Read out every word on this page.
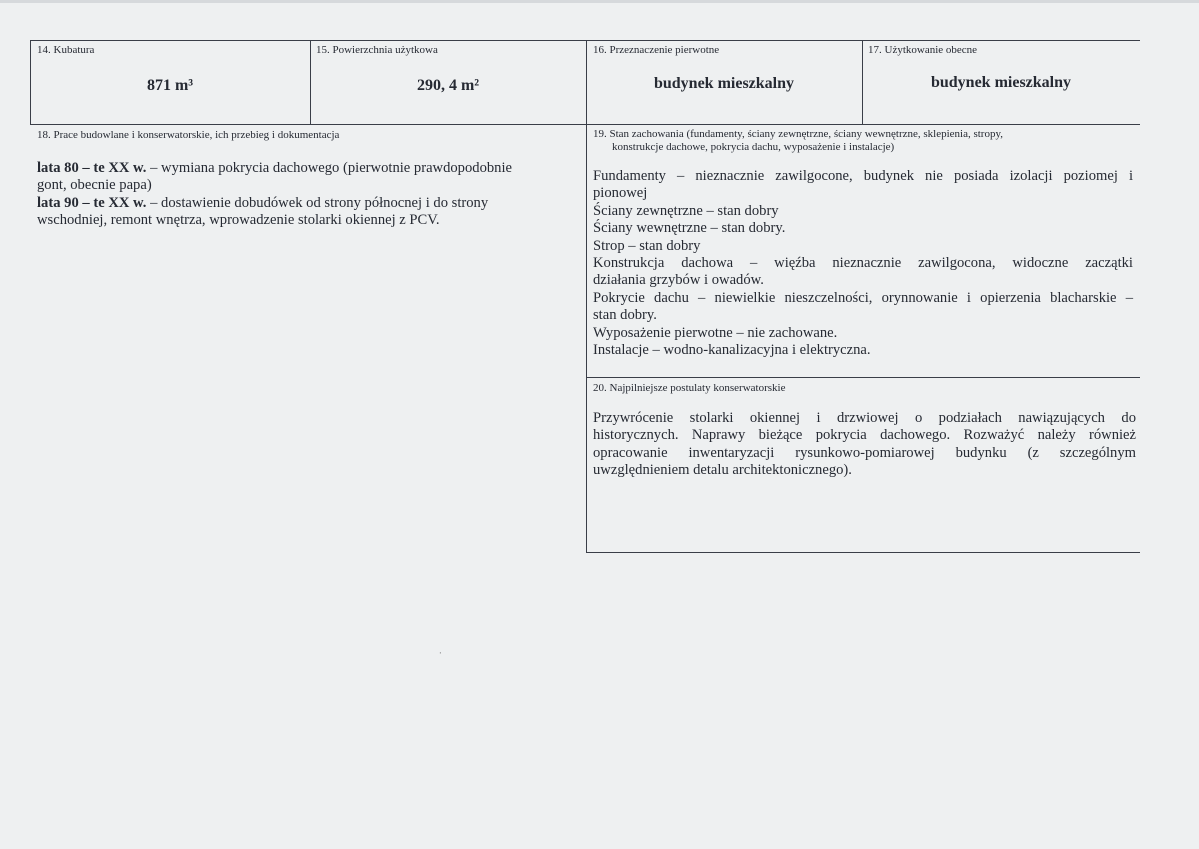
14. Kubatura
871 m³
15. Powierzchnia użytkowa
290, 4 m²
16. Przeznaczenie pierwotne
budynek mieszkalny
17. Użytkowanie obecne
budynek mieszkalny
18. Prace budowlane i konserwatorskie, ich przebieg i dokumentacja
lata 80 – te XX w. – wymiana pokrycia dachowego (pierwotnie prawdopodobnie
gont, obecnie papa)
lata 90 – te XX w. – dostawienie dobudówek od strony północnej i do strony
wschodniej, remont wnętrza, wprowadzenie stolarki okiennej z PCV.
19. Stan zachowania (fundamenty, ściany zewnętrzne, ściany wewnętrzne, sklepienia, stropy,
konstrukcje dachowe, pokrycia dachu, wyposażenie i instalacje)
Fundamenty – nieznacznie zawilgocone, budynek nie posiada izolacji poziomej i
pionowej
Ściany zewnętrzne – stan dobry
Ściany wewnętrzne – stan dobry.
Strop – stan dobry
Konstrukcja dachowa – więźba nieznacznie zawilgocona, widoczne zaczątki
działania grzybów i owadów.
Pokrycie dachu – niewielkie nieszczelności, orynnowanie i opierzenia blacharskie –
stan dobry.
Wyposażenie pierwotne – nie zachowane.
Instalacje – wodno-kanalizacyjna i elektryczna.
20. Najpilniejsze postulaty konserwatorskie
Przywrócenie stolarki okiennej i drzwiowej o podziałach nawiązujących do
historycznych. Naprawy bieżące pokrycia dachowego. Rozważyć należy również
opracowanie inwentaryzacji rysunkowo-pomiarowej budynku (z szczególnym
uwzględnieniem detalu architektonicznego).
ᐝ
